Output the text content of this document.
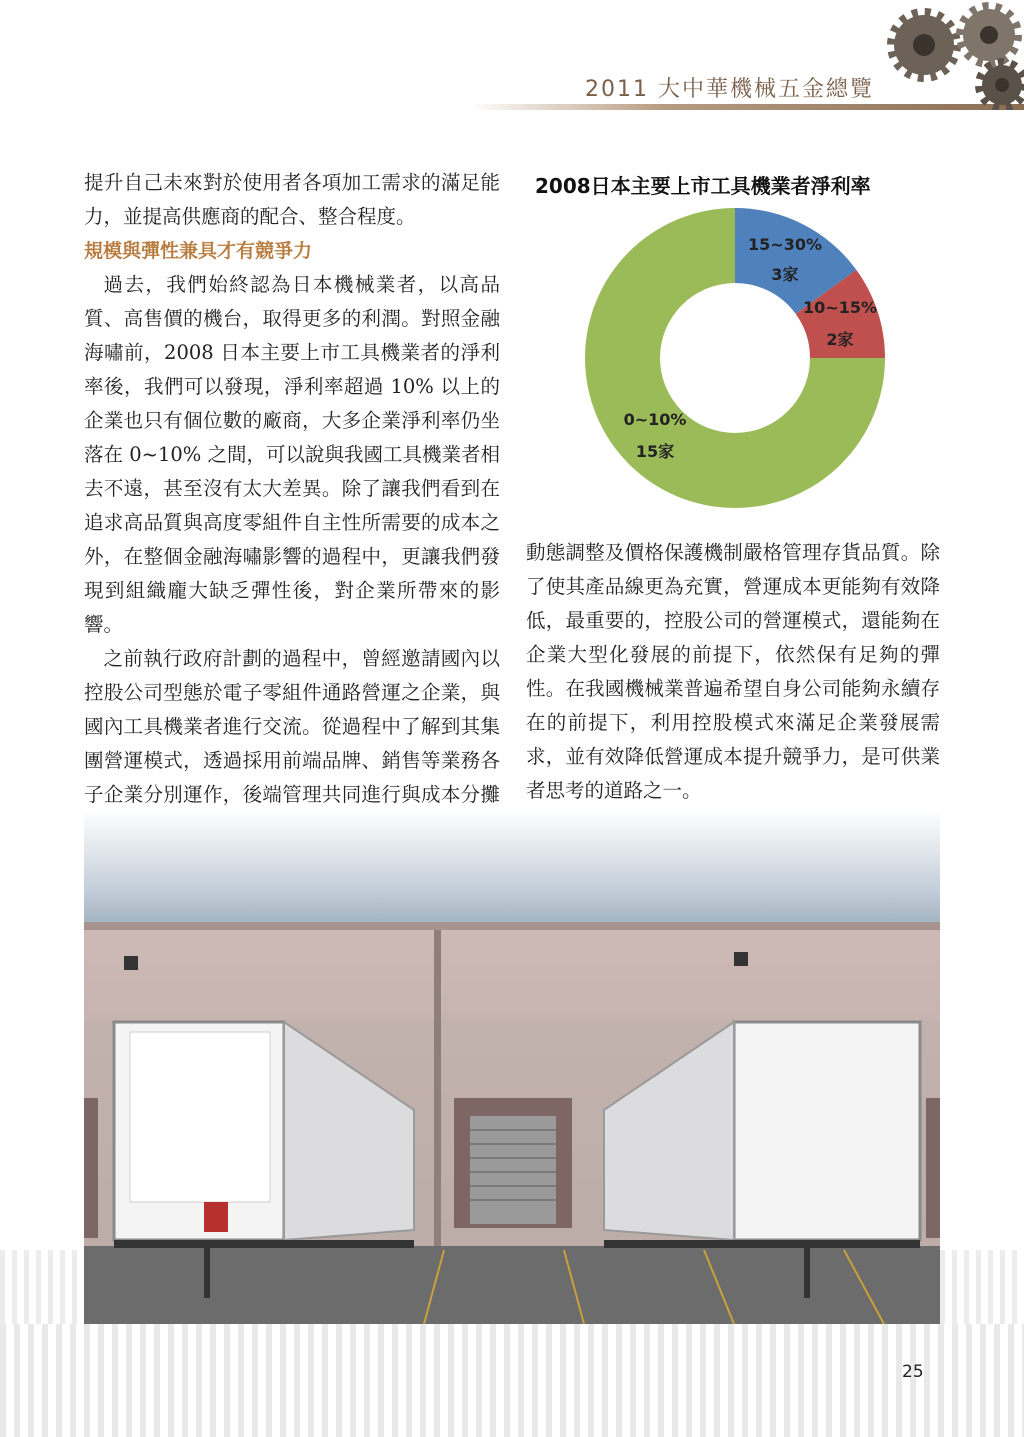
2011 大中華機械五金總覽

提升自己未來對於使用者各項加工需求的滿足能力，並提高供應商的配合、整合程度。

規模與彈性兼具才有競爭力

過去，我們始終認為日本機械業者，以高品質、高售價的機台，取得更多的利潤。對照金融海嘯前，2008 日本主要上市工具機業者的淨利率後，我們可以發現，淨利率超過 10% 以上的企業也只有個位數的廠商，大多企業淨利率仍坐落在 0~10% 之間，可以說與我國工具機業者相去不遠，甚至沒有太大差異。除了讓我們看到在追求高品質與高度零組件自主性所需要的成本之外，在整個金融海嘯影響的過程中，更讓我們發現到組織龐大缺乏彈性後，對企業所帶來的影響。

之前執行政府計劃的過程中，曾經邀請國內以控股公司型態於電子零組件通路營運之企業，與國內工具機業者進行交流。從過程中了解到其集團營運模式，透過採用前端品牌、銷售等業務各子企業分別運作，後端管理共同進行與成本分攤

2008日本主要上市工具機業者淨利率
15~30%
3家
10~15%
2家
0~10%
15家

動態調整及價格保護機制嚴格管理存貨品質。除了使其產品線更為充實，營運成本更能夠有效降低，最重要的，控股公司的營運模式，還能夠在企業大型化發展的前提下，依然保有足夠的彈性。在我國機械業普遍希望自身公司能夠永續存在的前提下，利用控股模式來滿足企業發展需求，並有效降低營運成本提升競爭力，是可供業者思考的道路之一。

25
